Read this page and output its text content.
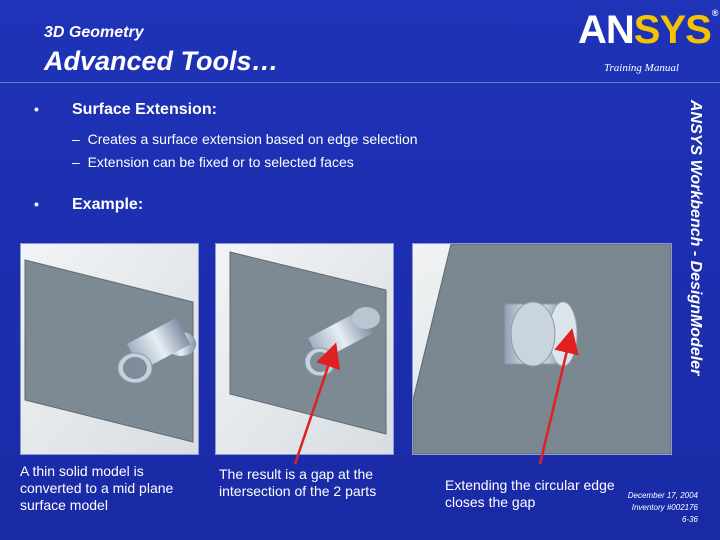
3D Geometry
Advanced Tools…
ANSYS®
Training Manual
ANSYS Workbench - DesignModeler
• Surface Extension:
– Creates a surface extension based on edge selection
– Extension can be fixed or to selected faces
• Example:
A thin solid model is converted to a mid plane surface model
The result is a gap at the intersection of the 2 parts	Extending the circular edge closes the gap	December 17, 2004
Inventory #002176
6-36
